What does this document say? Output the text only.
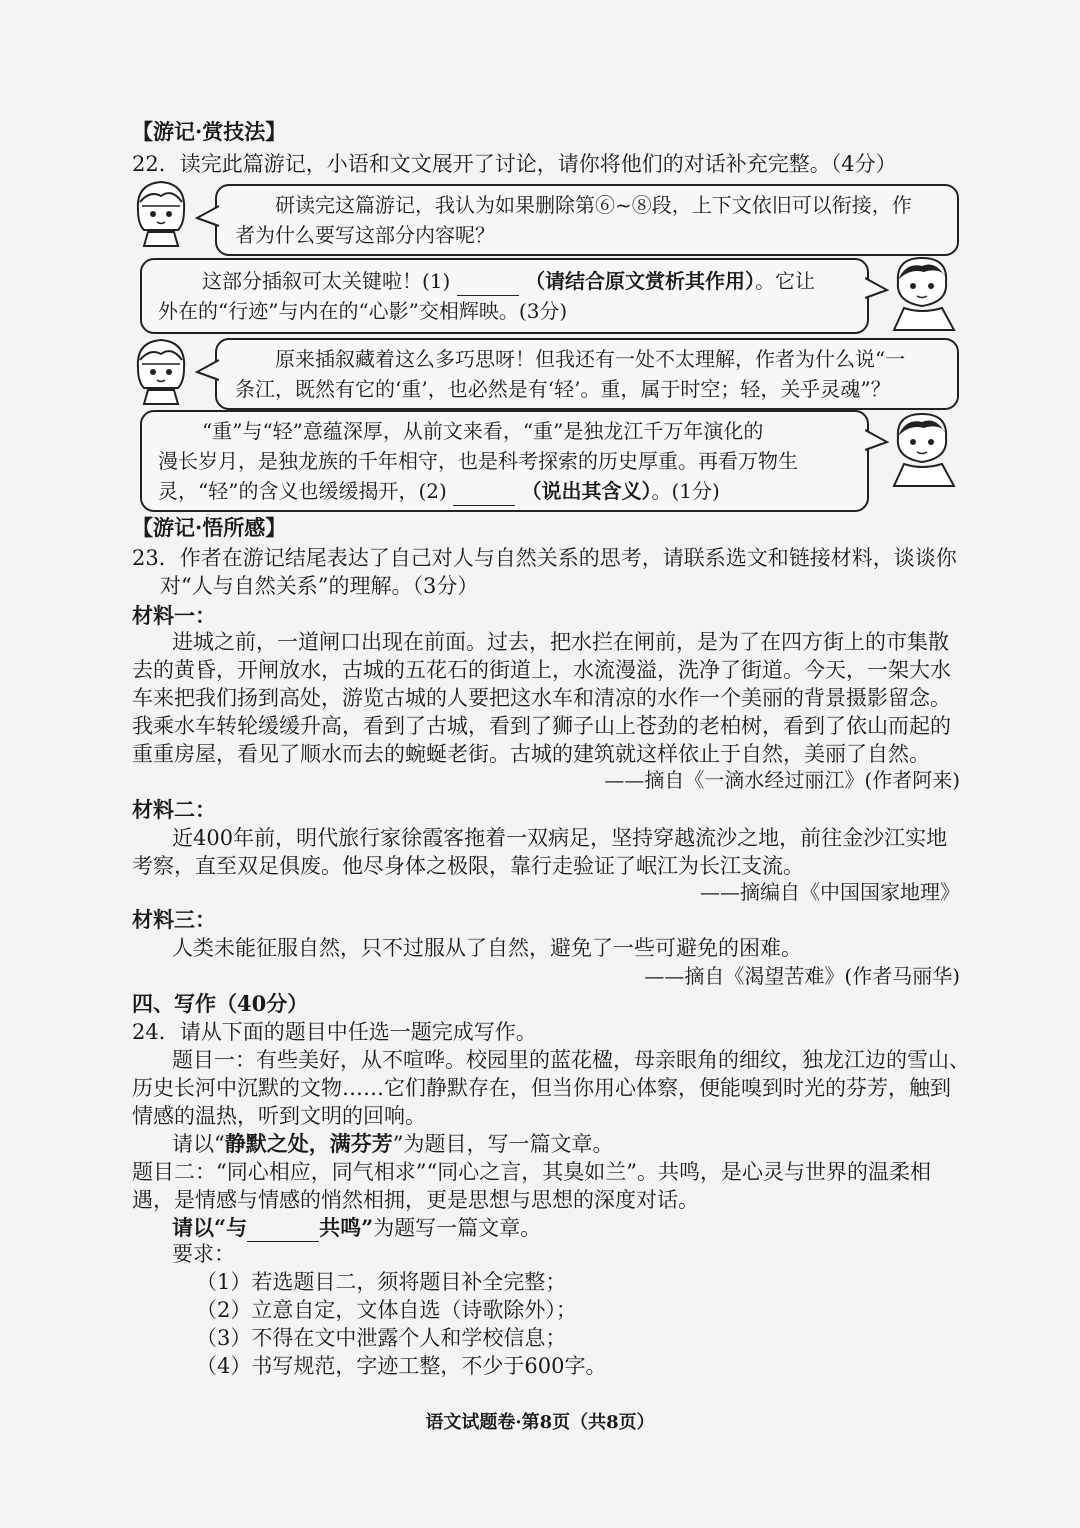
【游记·赏技法】
22．读完此篇游记，小语和文文展开了讨论，请你将他们的对话补充完整。（4分）
研读完这篇游记，我认为如果删除第⑥~⑧段，上下文依旧可以衔接，作
者为什么要写这部分内容呢？
这部分插叙可太关键啦！(1)	（请结合原文赏析其作用）。它让
外在的“行迹”与内在的“心影”交相辉映。(3分)
原来插叙藏着这么多巧思呀！但我还有一处不太理解，作者为什么说“一
条江，既然有它的‘重’，也必然是有‘轻’。重，属于时空；轻，关乎灵魂”？
“重”与“轻”意蕴深厚，从前文来看，“重”是独龙江千万年演化的
漫长岁月，是独龙族的千年相守，也是科考探索的历史厚重。再看万物生
灵，“轻”的含义也缓缓揭开，(2)	（说出其含义）。(1分)
【游记·悟所感】
23．作者在游记结尾表达了自己对人与自然关系的思考，请联系选文和链接材料，谈谈你
对“人与自然关系”的理解。（3分）
材料一：
进城之前，一道闸口出现在前面。过去，把水拦在闸前，是为了在四方街上的市集散
去的黄昏，开闸放水，古城的五花石的街道上，水流漫溢，洗净了街道。今天，一架大水
车来把我们扬到高处，游览古城的人要把这水车和清凉的水作一个美丽的背景摄影留念。
我乘水车转轮缓缓升高，看到了古城，看到了狮子山上苍劲的老柏树，看到了依山而起的
重重房屋，看见了顺水而去的蜿蜒老街。古城的建筑就这样依止于自然，美丽了自然。
——摘自《一滴水经过丽江》(作者阿来)
材料二：
近400年前，明代旅行家徐霞客拖着一双病足，坚持穿越流沙之地，前往金沙江实地
考察，直至双足俱废。他尽身体之极限，靠行走验证了岷江为长江支流。
——摘编自《中国国家地理》
材料三：
人类未能征服自然，只不过服从了自然，避免了一些可避免的困难。
——摘自《渴望苦难》(作者马丽华)
四、写作（40分）
24．请从下面的题目中任选一题完成写作。
题目一：有些美好，从不喧哗。校园里的蓝花楹，母亲眼角的细纹，独龙江边的雪山、
历史长河中沉默的文物……它们静默存在，但当你用心体察，便能嗅到时光的芬芳，触到
情感的温热，听到文明的回响。
请以“静默之处，满芬芳”为题目，写一篇文章。
题目二：“同心相应，同气相求”“同心之言，其臭如兰”。共鸣，是心灵与世界的温柔相
遇，是情感与情感的悄然相拥，更是思想与思想的深度对话。
请以“与	共鸣”为题写一篇文章。
要求：
（1）若选题目二，须将题目补全完整；
（2）立意自定，文体自选（诗歌除外）；
（3）不得在文中泄露个人和学校信息；
（4）书写规范，字迹工整，不少于600字。
语文试题卷·第8页（共8页）
